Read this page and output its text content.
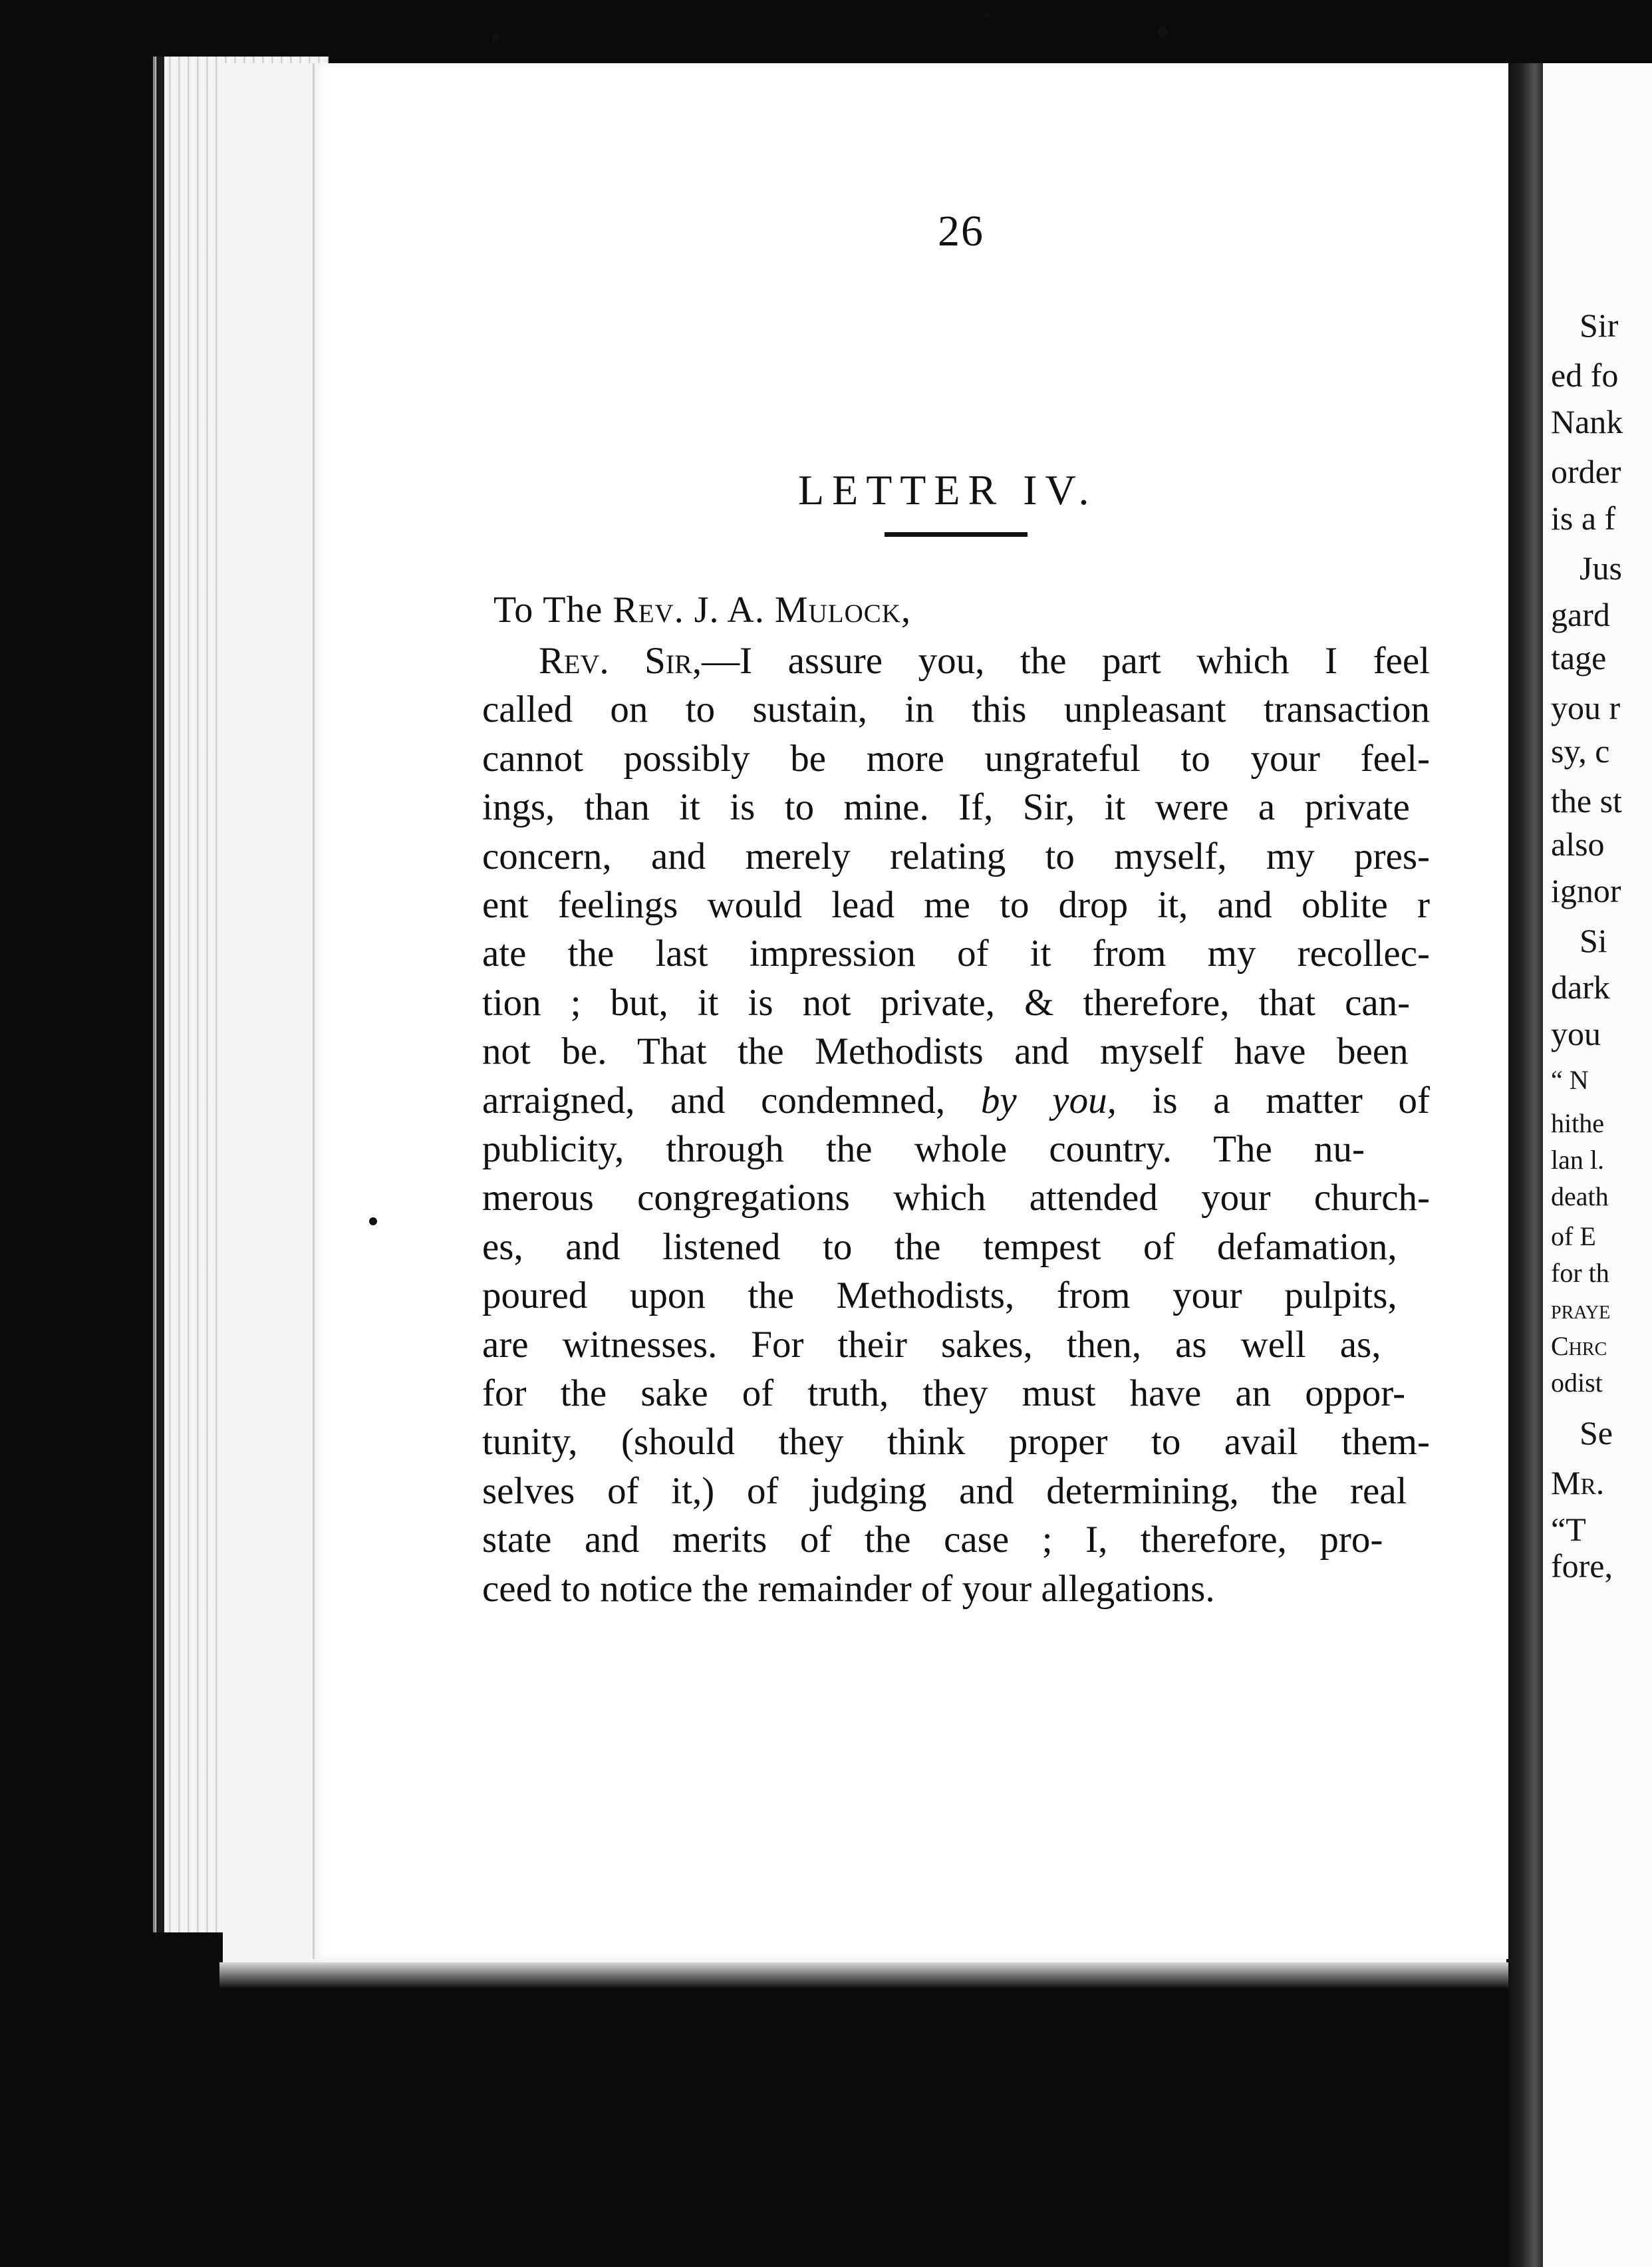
26
LETTER IV.
To The Rev. J. A. Mulock,
Rev. Sir,—I assure you, the part which I feel
called on to sustain, in this unpleasant transaction
cannot possibly be more ungrateful to your feel-
ings, than it is to mine. If, Sir, it were a private
concern, and merely relating to myself, my pres-
ent feelings would lead me to drop it, and oblite r
ate the last impression of it from my recollec-
tion ; but, it is not private, & therefore, that can-
not be. That the Methodists and myself have been
arraigned, and condemned, by you, is a matter of
publicity, through the whole country. The nu-
merous congregations which attended your church-
es, and listened to the tempest of defamation,
poured upon the Methodists, from your pulpits,
are witnesses. For their sakes, then, as well as,
for the sake of truth, they must have an oppor-
tunity, (should they think proper to avail them-
selves of it,) of judging and determining, the real
state and merits of the case ; I, therefore, pro-
ceed to notice the remainder of your allegations.
Sir
ed fo
Nank
order
is a f
Jus
gard
tage
you r
sy, c
the st
also
ignor
Si
dark
you
“ N
hithe
lan l.
death
of E
for th
praye
Chrc
odist
Se
Mr.
“T
fore,
